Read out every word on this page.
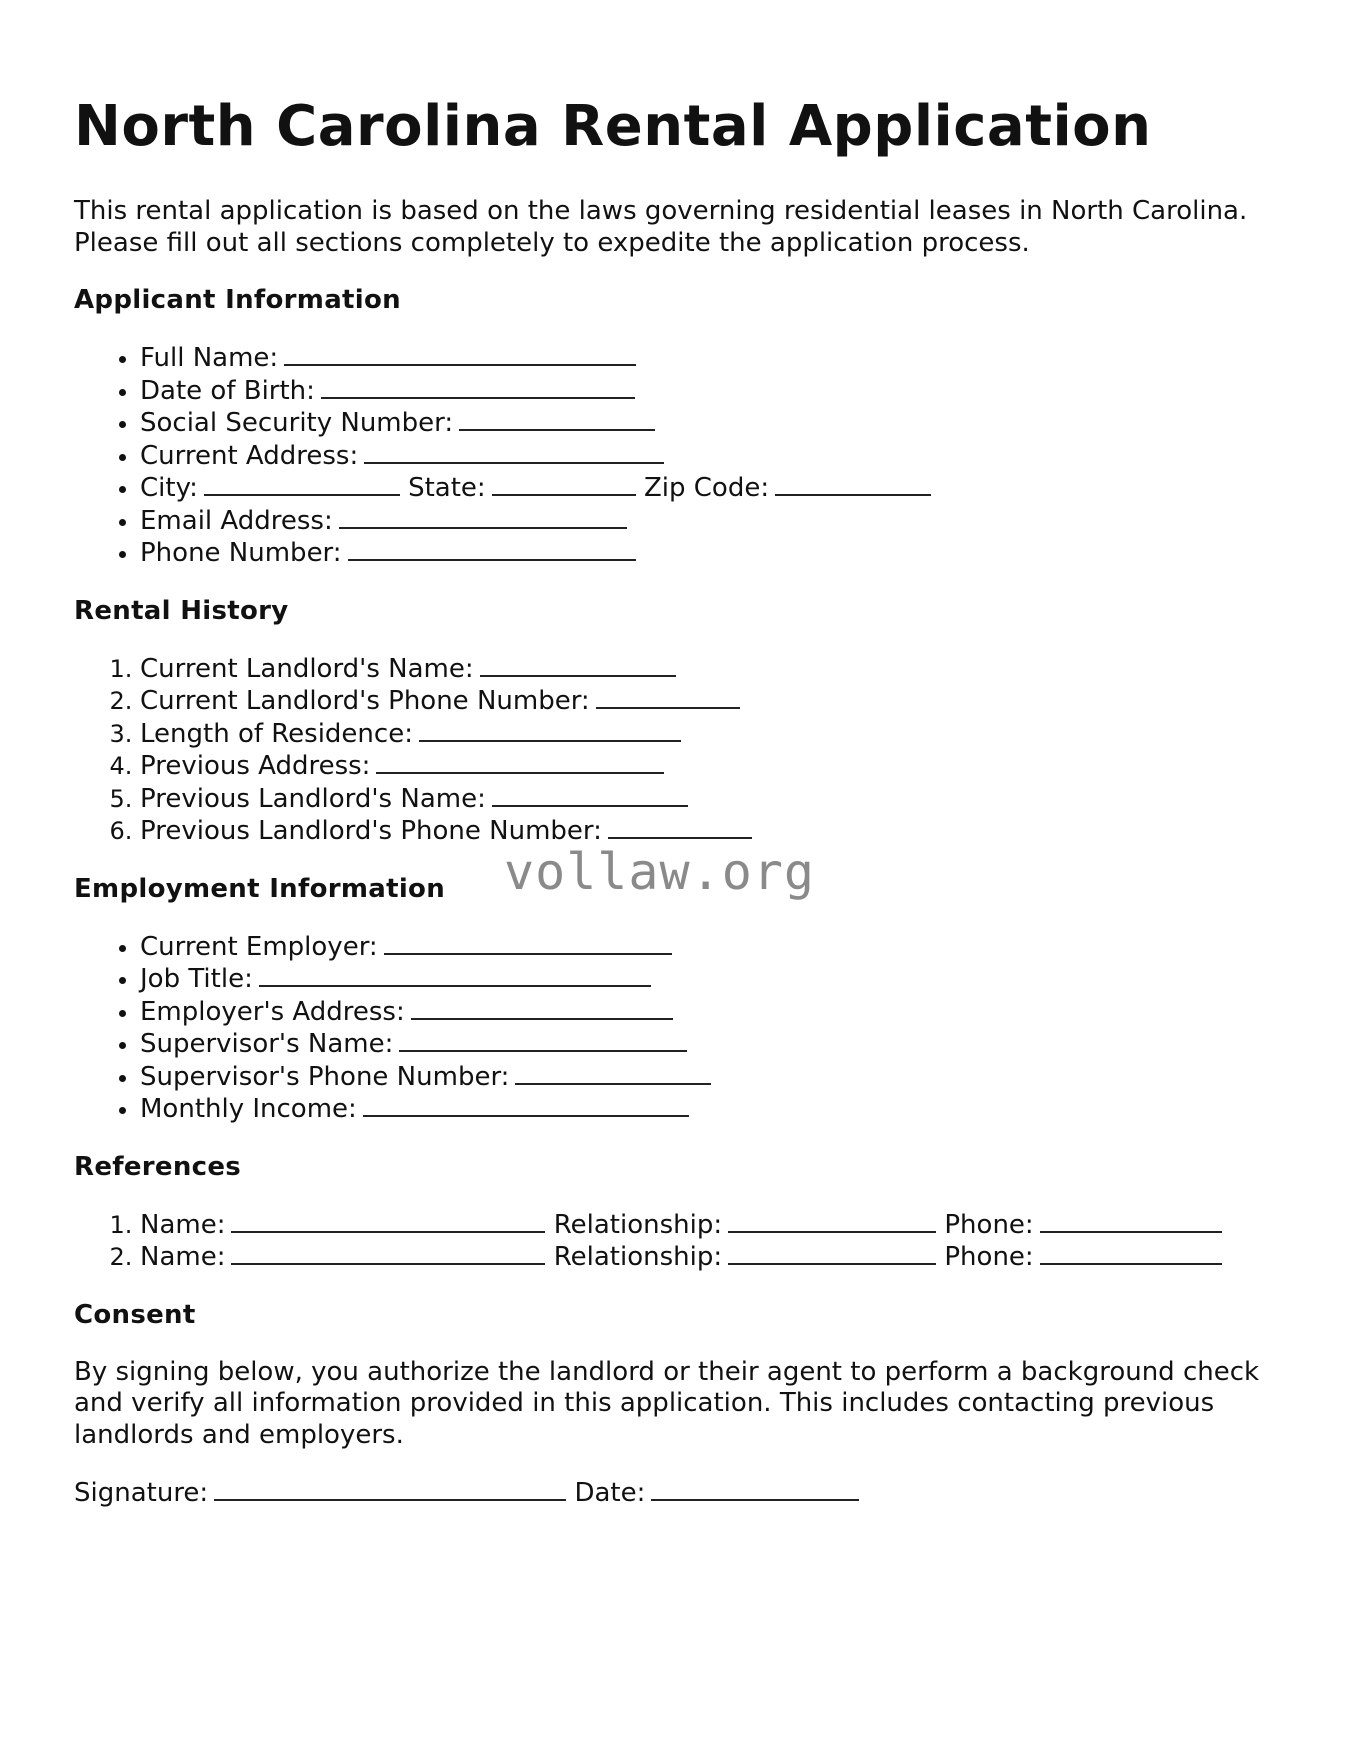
North Carolina Rental Application

This rental application is based on the laws governing residential leases in North Carolina. Please fill out all sections completely to expedite the application process.

Applicant Information
• Full Name:
• Date of Birth:
• Social Security Number:
• Current Address:
• City:	State:	Zip Code:
• Email Address:
• Phone Number:
Rental History
1. Current Landlord's Name:
2. Current Landlord's Phone Number:
3. Length of Residence:
4. Previous Address:
5. Previous Landlord's Name:
6. Previous Landlord's Phone Number:
Employment Information
• Current Employer:
• Job Title:
• Employer's Address:
• Supervisor's Name:
• Supervisor's Phone Number:
• Monthly Income:
References
1. Name:	Relationship:	Phone:
2. Name:	Relationship:	Phone:
Consent

By signing below, you authorize the landlord or their agent to perform a background check and verify all information provided in this application. This includes contacting previous landlords and employers.

Signature:	Date:
vollaw.org
